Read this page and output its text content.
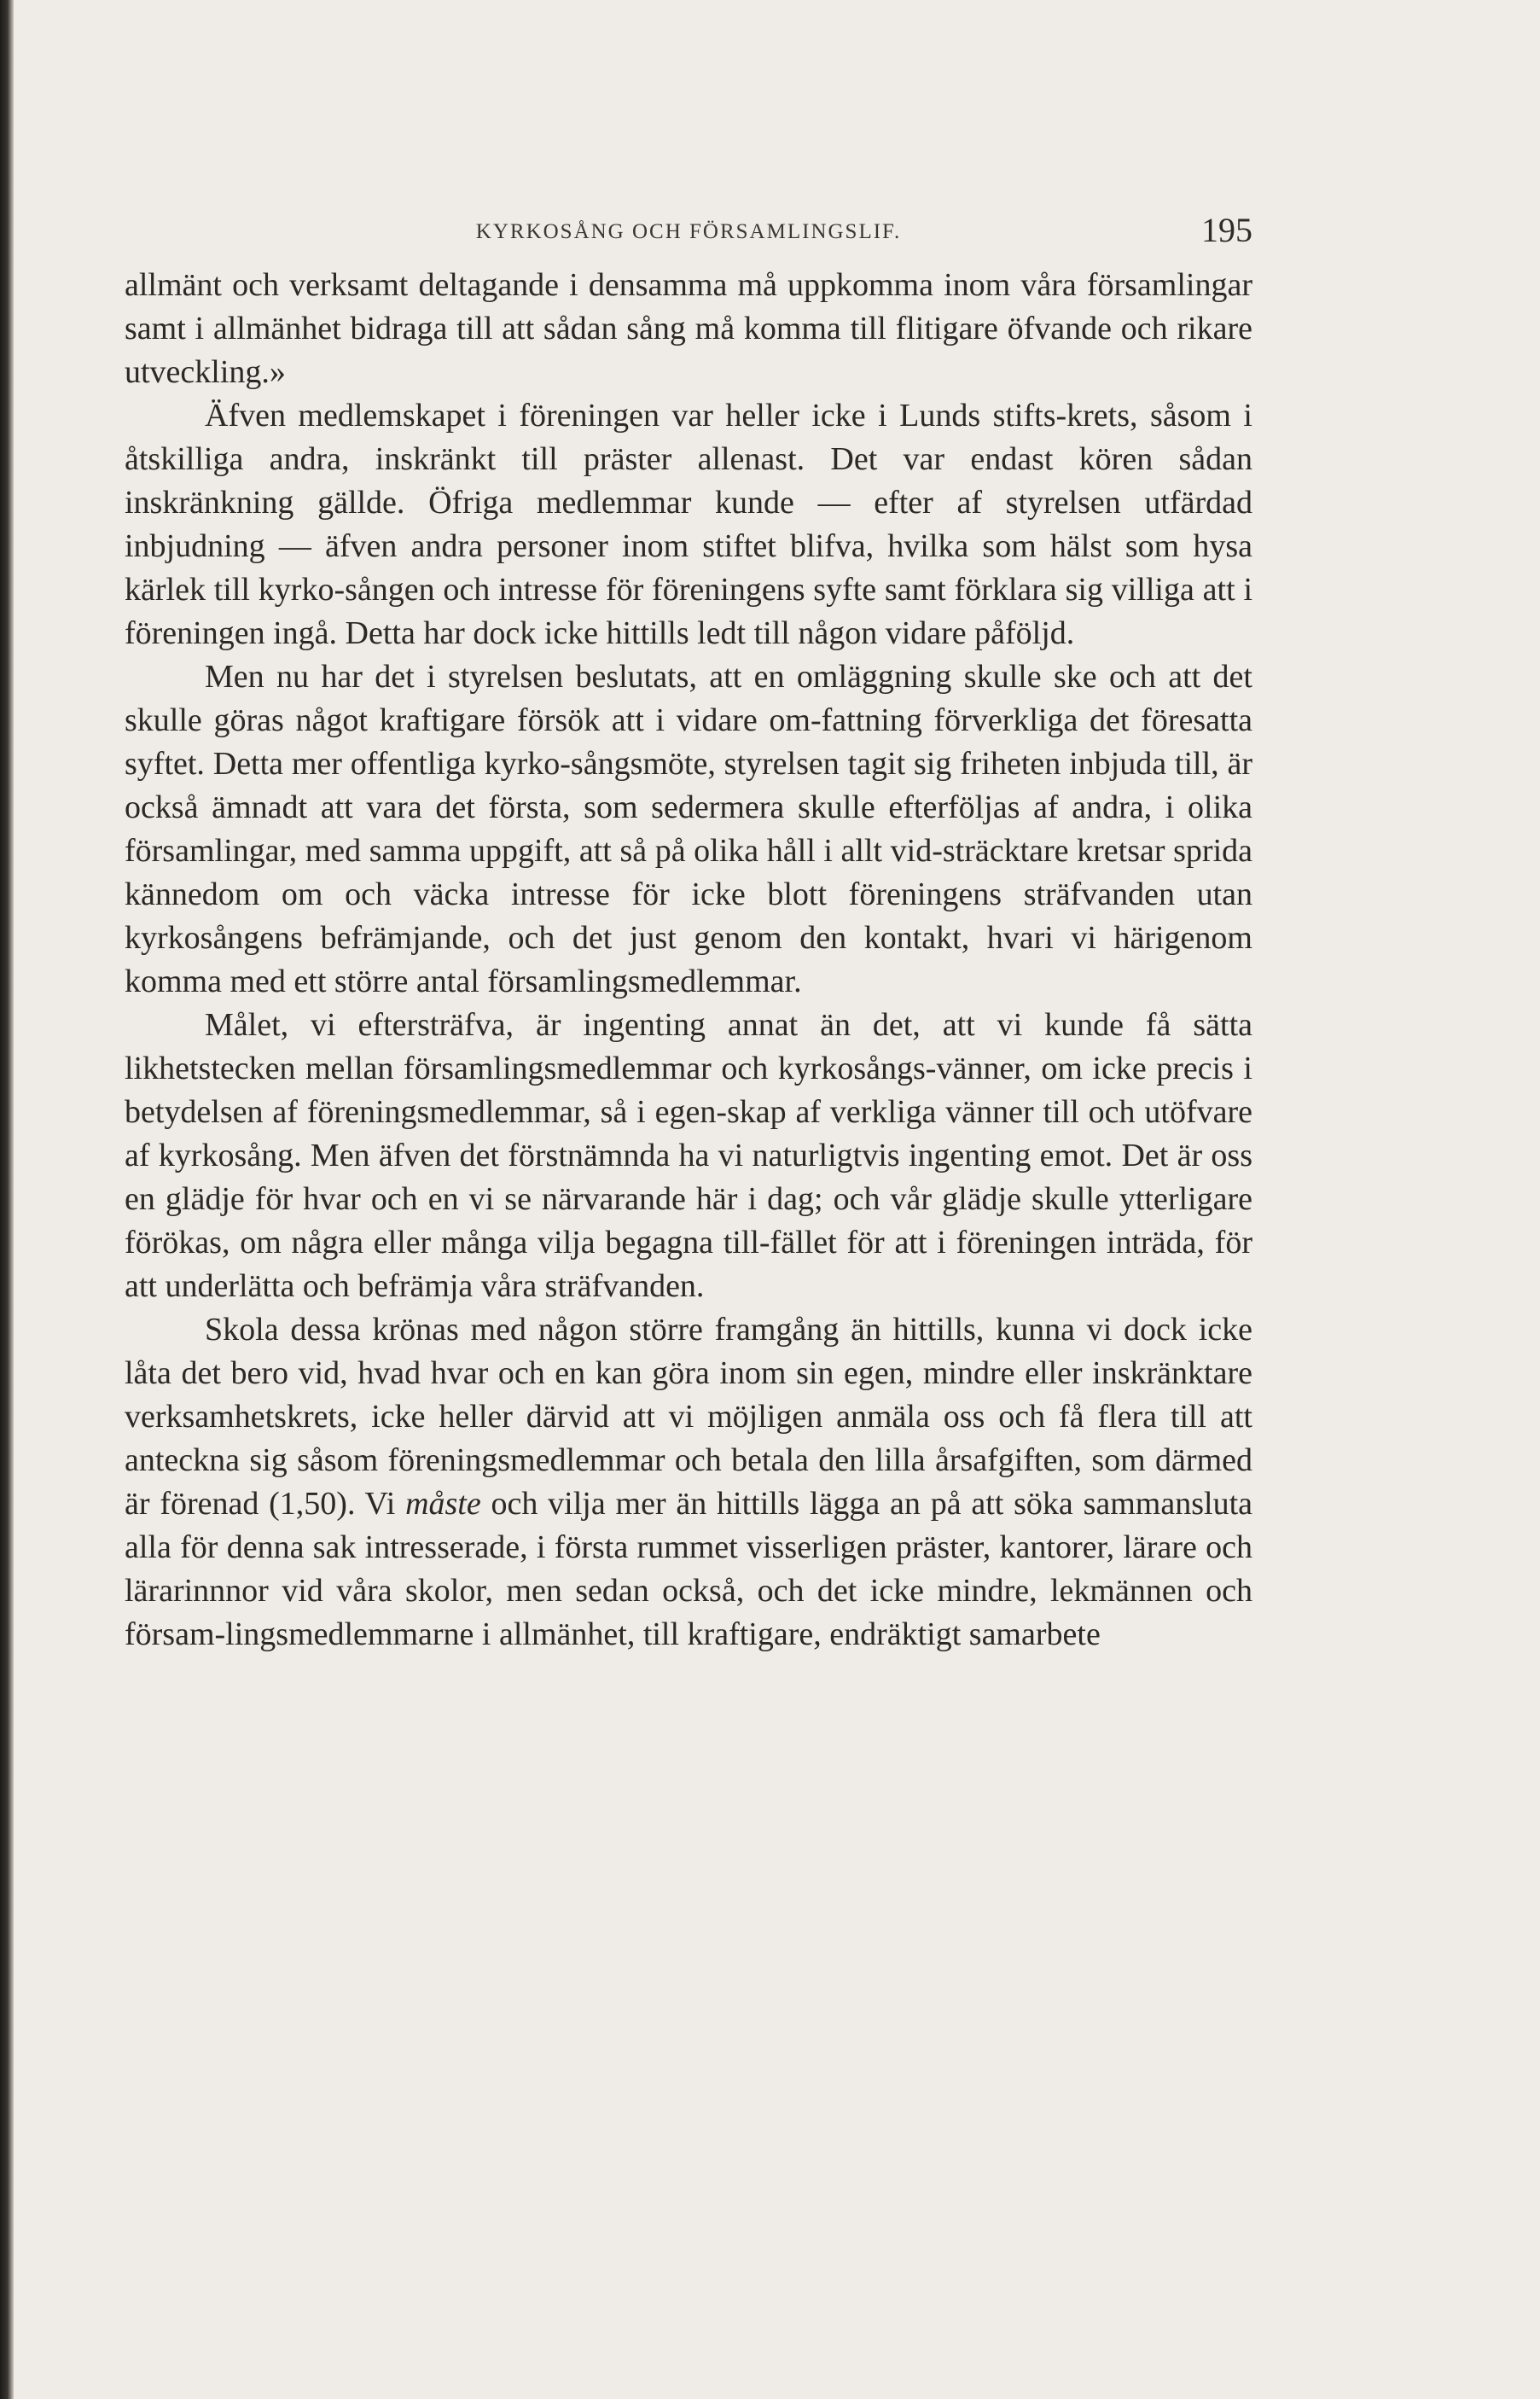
KYRKOSÅNG OCH FÖRSAMLINGSLIF.	195

allmänt och verksamt deltagande i densamma må uppkomma inom våra församlingar samt i allmänhet bidraga till att sådan sång må komma till flitigare öfvande och rikare utveckling.»

Äfven medlemskapet i föreningen var heller icke i Lunds stifts-krets, såsom i åtskilliga andra, inskränkt till präster allenast. Det var endast kören sådan inskränkning gällde. Öfriga medlemmar kunde — efter af styrelsen utfärdad inbjudning — äfven andra personer inom stiftet blifva, hvilka som hälst som hysa kärlek till kyrko-sången och intresse för föreningens syfte samt förklara sig villiga att i föreningen ingå. Detta har dock icke hittills ledt till någon vidare påföljd.

Men nu har det i styrelsen beslutats, att en omläggning skulle ske och att det skulle göras något kraftigare försök att i vidare om-fattning förverkliga det föresatta syftet. Detta mer offentliga kyrko-sångsmöte, styrelsen tagit sig friheten inbjuda till, är också ämnadt att vara det första, som sedermera skulle efterföljas af andra, i olika församlingar, med samma uppgift, att så på olika håll i allt vid-sträcktare kretsar sprida kännedom om och väcka intresse för icke blott föreningens sträfvanden utan kyrkosångens befrämjande, och det just genom den kontakt, hvari vi härigenom komma med ett större antal församlingsmedlemmar.

Målet, vi eftersträfva, är ingenting annat än det, att vi kunde få sätta likhetstecken mellan församlingsmedlemmar och kyrkosångs-vänner, om icke precis i betydelsen af föreningsmedlemmar, så i egen-skap af verkliga vänner till och utöfvare af kyrkosång. Men äfven det förstnämnda ha vi naturligtvis ingenting emot. Det är oss en glädje för hvar och en vi se närvarande här i dag; och vår glädje skulle ytterligare förökas, om några eller många vilja begagna till-fället för att i föreningen inträda, för att underlätta och befrämja våra sträfvanden.

Skola dessa krönas med någon större framgång än hittills, kunna vi dock icke låta det bero vid, hvad hvar och en kan göra inom sin egen, mindre eller inskränktare verksamhetskrets, icke heller därvid att vi möjligen anmäla oss och få flera till att anteckna sig såsom föreningsmedlemmar och betala den lilla årsafgiften, som därmed är förenad (1,50). Vi måste och vilja mer än hittills lägga an på att söka sammansluta alla för denna sak intresserade, i första rummet visserligen präster, kantorer, lärare och lärarinnnor vid våra skolor, men sedan också, och det icke mindre, lekmännen och försam-lingsmedlemmarne i allmänhet, till kraftigare, endräktigt samarbete
